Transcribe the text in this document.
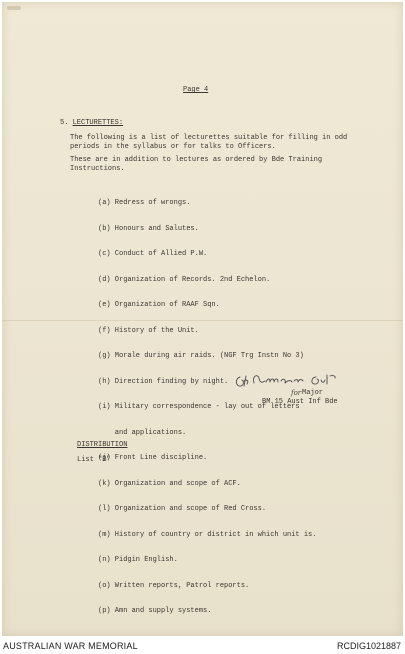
Page 4
5. LECTURETTES:

The following is a list of lecturettes suitable for filling in odd periods in the syllabus or for talks to Officers.

These are in addition to lectures as ordered by Bde Training Instructions.

(a) Redress of wrongs.

(b) Honours and Salutes.

(c) Conduct of Allied P.W.

(d) Organization of Records. 2nd Echelon.

(e) Organization of RAAF Sqn.

(f) History of the Unit.

(g) Morale during air raids. (NGF Trg Instn No 3)

(h) Direction finding by night.

(i) Military correspondence - lay out of letters

and applications.

(j) Front Line discipline.

(k) Organization and scope of ACF.

(l) Organization and scope of Red Cross.

(m) History of country or district in which unit is.

(n) Pidgin English.

(o) Written reports, Patrol reports.

(p) Amn and supply systems.

for Major
BM 15 Aust Inf Bde
DISTRIBUTION
List "B"
AUSTRALIAN WAR MEMORIAL	RCDIG1021887
